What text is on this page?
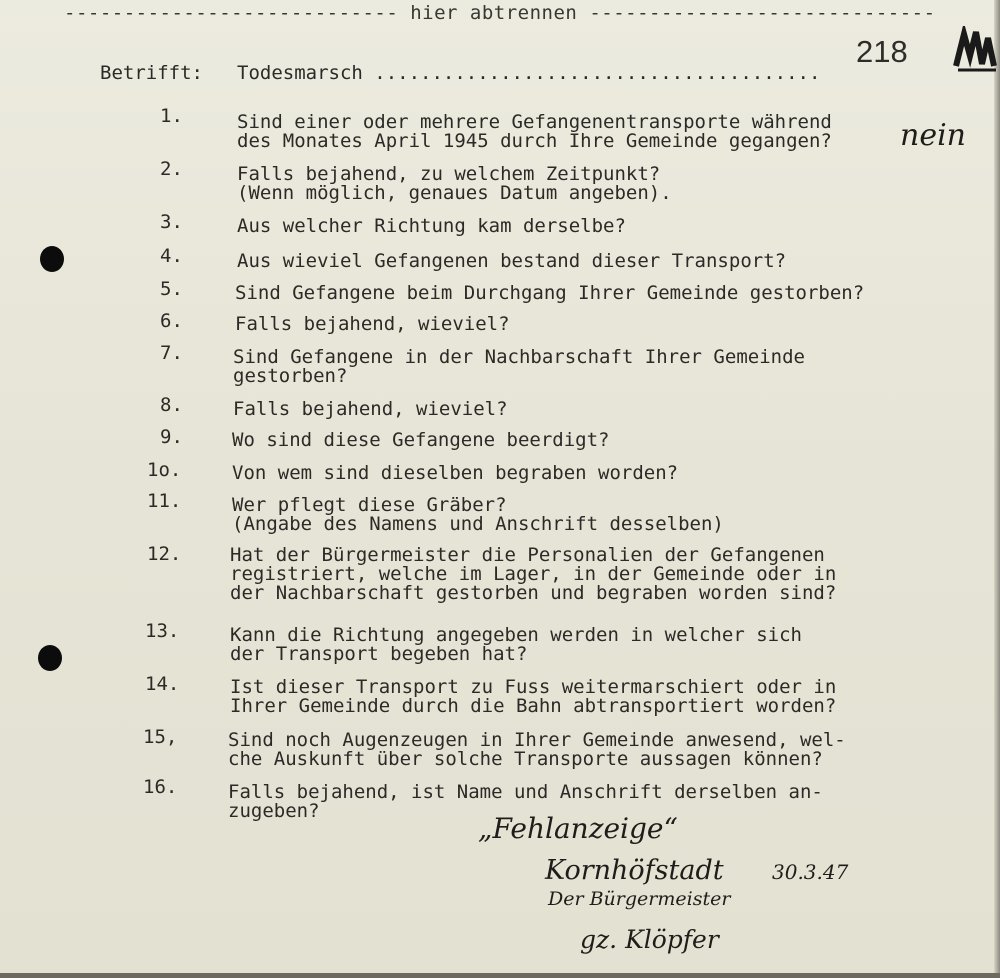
---------------------------- hier abtrennen -----------------------------
218
Betrifft: Todesmarsch .......................................
1.	Sind einer oder mehrere Gefangenentransporte während
des Monates April 1945 durch Ihre Gemeinde gegangen?
2.	Falls bejahend, zu welchem Zeitpunkt?
(Wenn möglich, genaues Datum angeben).
3.	Aus welcher Richtung kam derselbe?
4.	Aus wieviel Gefangenen bestand dieser Transport?
5.	Sind Gefangene beim Durchgang Ihrer Gemeinde gestorben?
6.	Falls bejahend, wieviel?
7.	Sind Gefangene in der Nachbarschaft Ihrer Gemeinde
gestorben?
8.	Falls bejahend, wieviel?
9.	Wo sind diese Gefangene beerdigt?
1o.	Von wem sind dieselben begraben worden?
11.	Wer pflegt diese Gräber?
(Angabe des Namens und Anschrift desselben)
12.	Hat der Bürgermeister die Personalien der Gefangenen
registriert, welche im Lager, in der Gemeinde oder in
der Nachbarschaft gestorben und begraben worden sind?
13.	Kann die Richtung angegeben werden in welcher sich
der Transport begeben hat?
14.	Ist dieser Transport zu Fuss weitermarschiert oder in
Ihrer Gemeinde durch die Bahn abtransportiert worden?
15,	Sind noch Augenzeugen in Ihrer Gemeinde anwesend, wel-
che Auskunft über solche Transporte aussagen können?
16.	Falls bejahend, ist Name und Anschrift derselben an-
zugeben?
nein
„Fehlanzeige“
Kornhöfstadt 30.3.47
Der Bürgermeister
gz. Klöpfer
